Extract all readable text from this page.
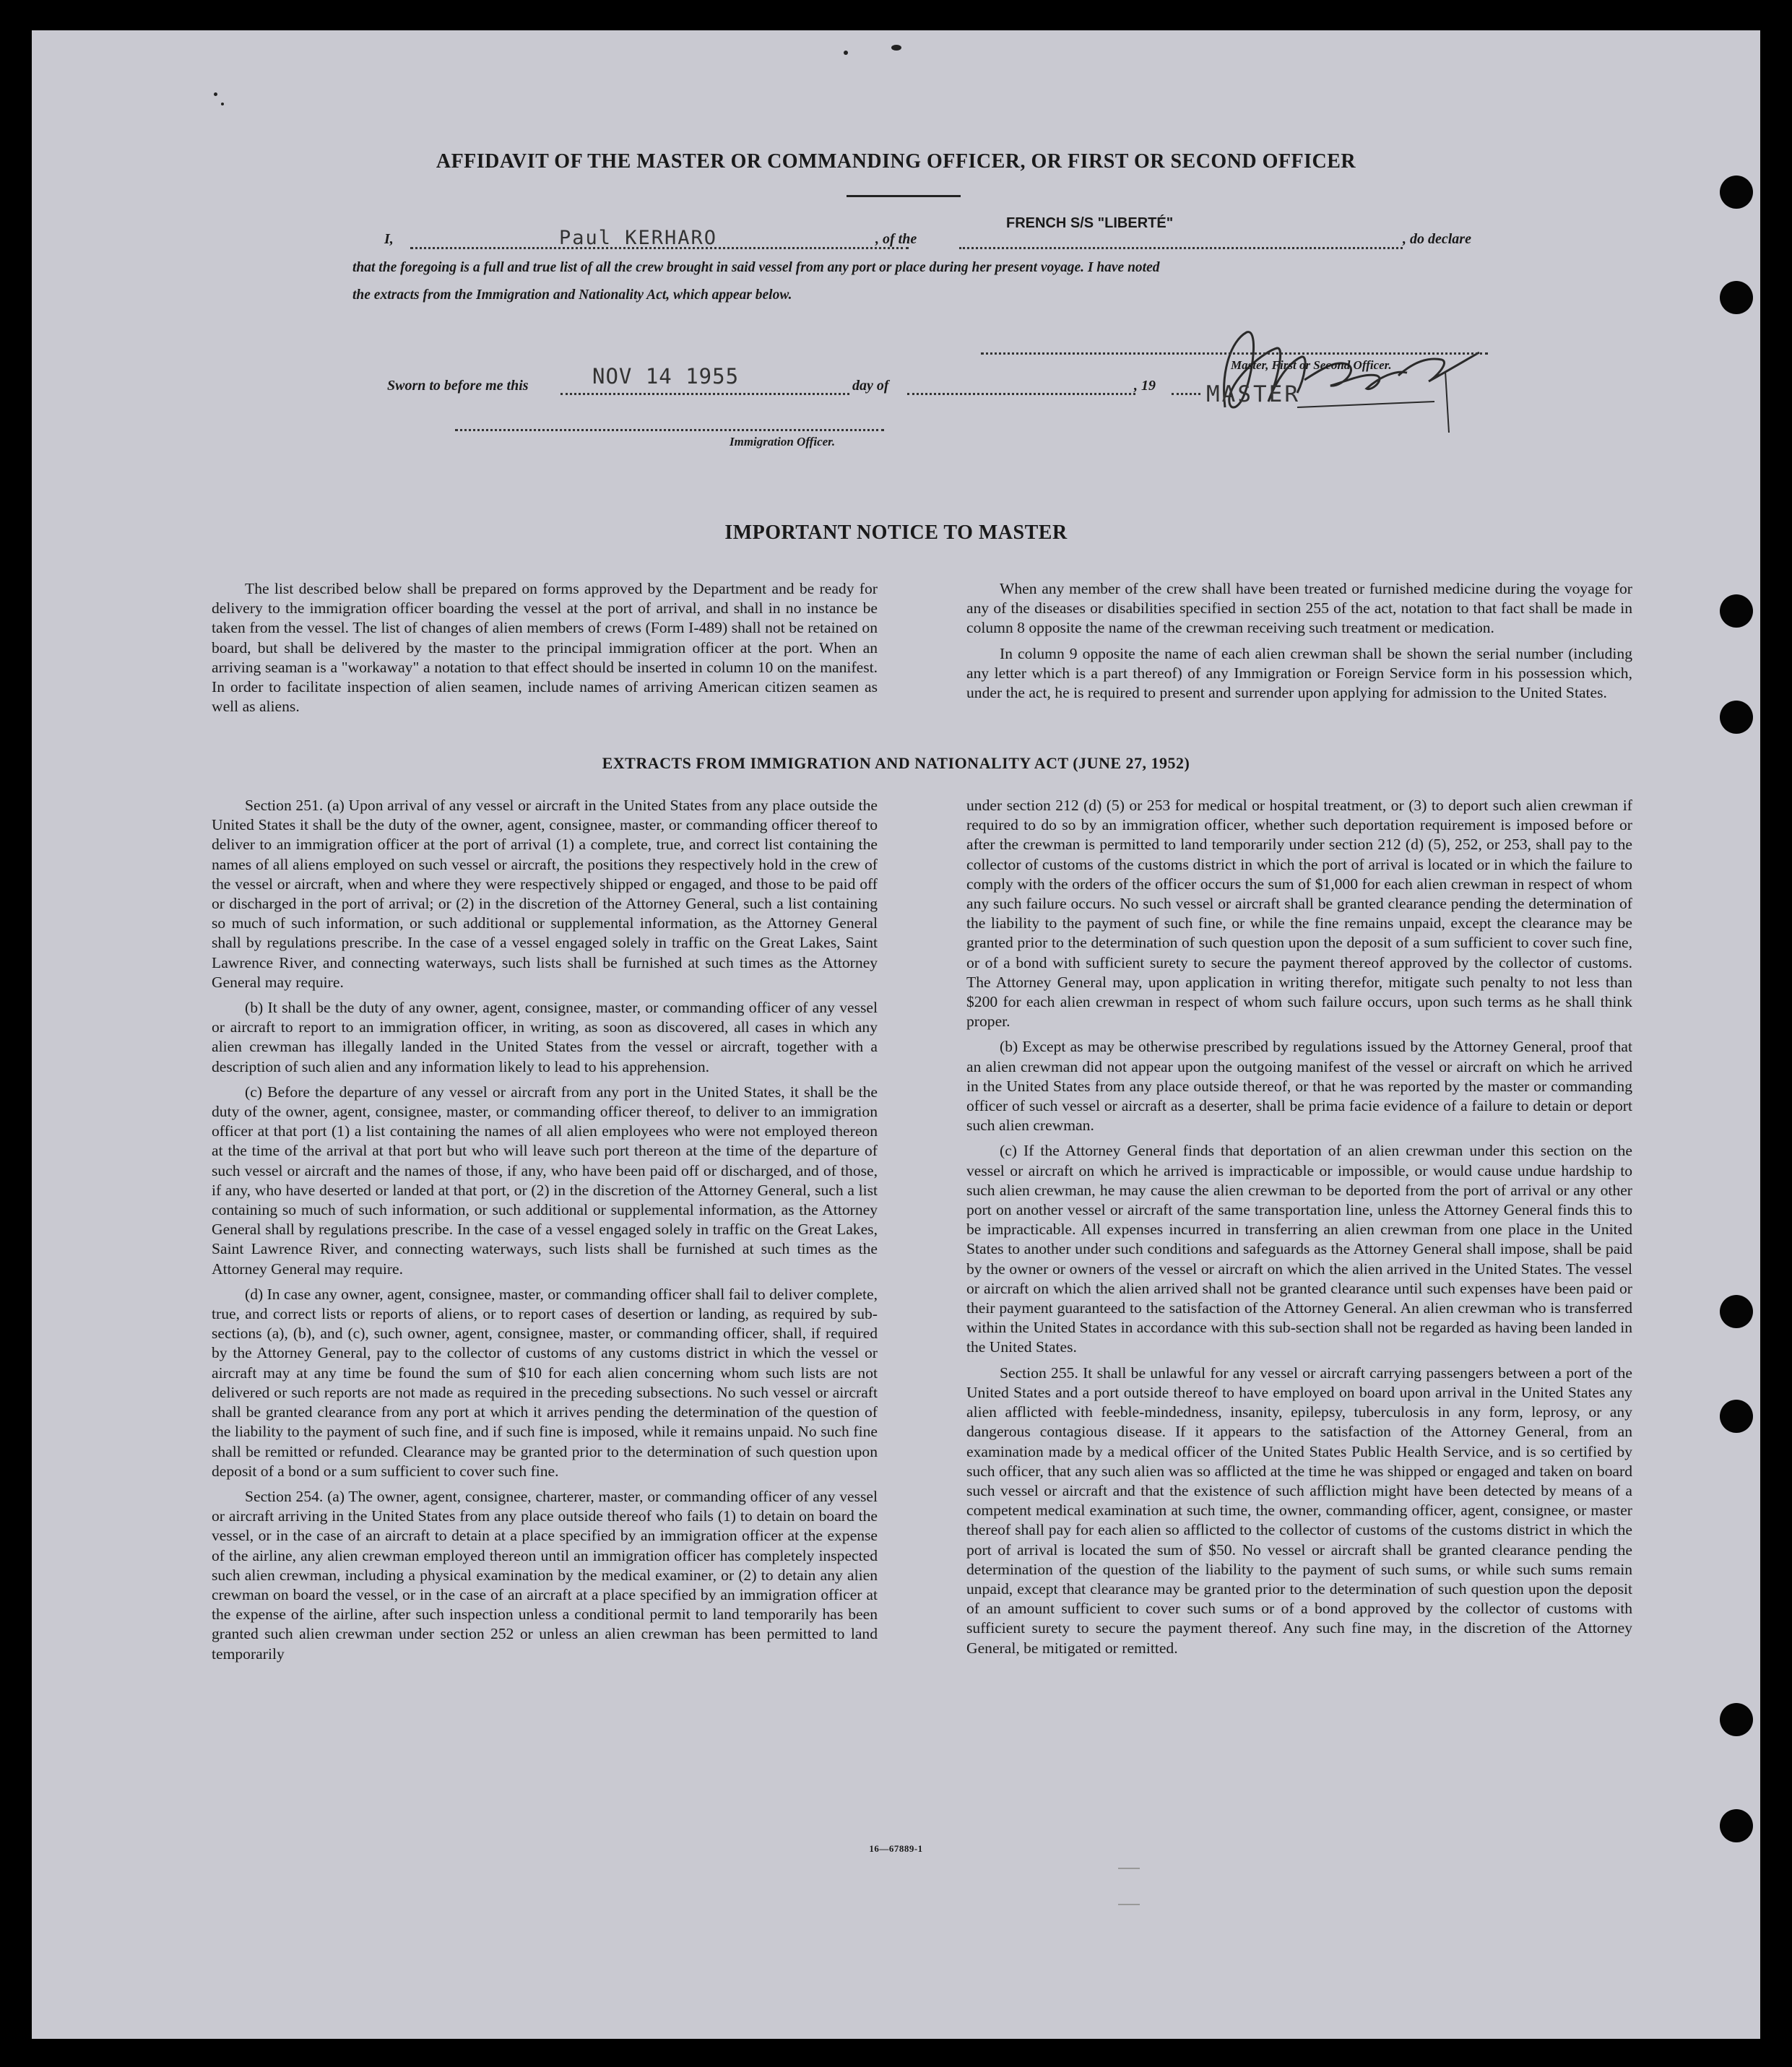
AFFIDAVIT OF THE MASTER OR COMMANDING OFFICER, OR FIRST OR SECOND OFFICER
I,	Paul KERHARO	, of the
FRENCH S/S "LIBERTÉ"
, do declare
that the foregoing is a full and true list of all the crew brought in said vessel from any port or place during her present voyage. I have noted
the extracts from the Immigration and Nationality Act, which appear below.
Master, First or Second Officer.
MASTER
Sworn to before me this	NOV 14 1955	day of	, 19
Immigration Officer.
IMPORTANT NOTICE TO MASTER

The list described below shall be prepared on forms approved by the Department and be ready for delivery to the immigration officer boarding the vessel at the port of arrival, and shall in no instance be taken from the vessel. The list of changes of alien members of crews (Form I-489) shall not be retained on board, but shall be delivered by the master to the principal immigration officer at the port. When an arriving seaman is a "workaway" a notation to that effect should be inserted in column 10 on the manifest. In order to facilitate inspection of alien seamen, include names of arriving American citizen seamen as well as aliens.

When any member of the crew shall have been treated or furnished medicine during the voyage for any of the diseases or disabilities specified in section 255 of the act, notation to that fact shall be made in column 8 opposite the name of the crewman receiving such treatment or medication.

In column 9 opposite the name of each alien crewman shall be shown the serial number (including any letter which is a part thereof) of any Immigration or Foreign Service form in his possession which, under the act, he is required to present and surrender upon applying for admission to the United States.

EXTRACTS FROM IMMIGRATION AND NATIONALITY ACT (JUNE 27, 1952)

Section 251. (a) Upon arrival of any vessel or aircraft in the United States from any place outside the United States it shall be the duty of the owner, agent, consignee, master, or commanding officer thereof to deliver to an immigration officer at the port of arrival (1) a complete, true, and correct list containing the names of all aliens employed on such vessel or aircraft, the positions they respectively hold in the crew of the vessel or aircraft, when and where they were respectively shipped or engaged, and those to be paid off or discharged in the port of arrival; or (2) in the discretion of the Attorney General, such a list containing so much of such information, or such additional or supplemental information, as the Attorney General shall by regulations prescribe. In the case of a vessel engaged solely in traffic on the Great Lakes, Saint Lawrence River, and connecting waterways, such lists shall be furnished at such times as the Attorney General may require.

(b) It shall be the duty of any owner, agent, consignee, master, or commanding officer of any vessel or aircraft to report to an immigration officer, in writing, as soon as discovered, all cases in which any alien crewman has illegally landed in the United States from the vessel or aircraft, together with a description of such alien and any information likely to lead to his apprehension.

(c) Before the departure of any vessel or aircraft from any port in the United States, it shall be the duty of the owner, agent, consignee, master, or commanding officer thereof, to deliver to an immigration officer at that port (1) a list containing the names of all alien employees who were not employed thereon at the time of the arrival at that port but who will leave such port thereon at the time of the departure of such vessel or aircraft and the names of those, if any, who have been paid off or discharged, and of those, if any, who have deserted or landed at that port, or (2) in the discretion of the Attorney General, such a list containing so much of such information, or such additional or supplemental information, as the Attorney General shall by regulations prescribe. In the case of a vessel engaged solely in traffic on the Great Lakes, Saint Lawrence River, and connecting waterways, such lists shall be furnished at such times as the Attorney General may require.

(d) In case any owner, agent, consignee, master, or commanding officer shall fail to deliver complete, true, and correct lists or reports of aliens, or to report cases of desertion or landing, as required by sub-sections (a), (b), and (c), such owner, agent, consignee, master, or commanding officer, shall, if required by the Attorney General, pay to the collector of customs of any customs district in which the vessel or aircraft may at any time be found the sum of $10 for each alien concerning whom such lists are not delivered or such reports are not made as required in the preceding subsections. No such vessel or aircraft shall be granted clearance from any port at which it arrives pending the determination of the question of the liability to the payment of such fine, and if such fine is imposed, while it remains unpaid. No such fine shall be remitted or refunded. Clearance may be granted prior to the determination of such question upon deposit of a bond or a sum sufficient to cover such fine.

Section 254. (a) The owner, agent, consignee, charterer, master, or commanding officer of any vessel or aircraft arriving in the United States from any place outside thereof who fails (1) to detain on board the vessel, or in the case of an aircraft to detain at a place specified by an immigration officer at the expense of the airline, any alien crewman employed thereon until an immigration officer has completely inspected such alien crewman, including a physical examination by the medical examiner, or (2) to detain any alien crewman on board the vessel, or in the case of an aircraft at a place specified by an immigration officer at the expense of the airline, after such inspection unless a conditional permit to land temporarily has been granted such alien crewman under section 252 or unless an alien crewman has been permitted to land temporarily

under section 212 (d) (5) or 253 for medical or hospital treatment, or (3) to deport such alien crewman if required to do so by an immigration officer, whether such deportation requirement is imposed before or after the crewman is permitted to land temporarily under section 212 (d) (5), 252, or 253, shall pay to the collector of customs of the customs district in which the port of arrival is located or in which the failure to comply with the orders of the officer occurs the sum of $1,000 for each alien crewman in respect of whom any such failure occurs. No such vessel or aircraft shall be granted clearance pending the determination of the liability to the payment of such fine, or while the fine remains unpaid, except the clearance may be granted prior to the determination of such question upon the deposit of a sum sufficient to cover such fine, or of a bond with sufficient surety to secure the payment thereof approved by the collector of customs. The Attorney General may, upon application in writing therefor, mitigate such penalty to not less than $200 for each alien crewman in respect of whom such failure occurs, upon such terms as he shall think proper.

(b) Except as may be otherwise prescribed by regulations issued by the Attorney General, proof that an alien crewman did not appear upon the outgoing manifest of the vessel or aircraft on which he arrived in the United States from any place outside thereof, or that he was reported by the master or commanding officer of such vessel or aircraft as a deserter, shall be prima facie evidence of a failure to detain or deport such alien crewman.

(c) If the Attorney General finds that deportation of an alien crewman under this section on the vessel or aircraft on which he arrived is impracticable or impossible, or would cause undue hardship to such alien crewman, he may cause the alien crewman to be deported from the port of arrival or any other port on another vessel or aircraft of the same transportation line, unless the Attorney General finds this to be impracticable. All expenses incurred in transferring an alien crewman from one place in the United States to another under such conditions and safeguards as the Attorney General shall impose, shall be paid by the owner or owners of the vessel or aircraft on which the alien arrived in the United States. The vessel or aircraft on which the alien arrived shall not be granted clearance until such expenses have been paid or their payment guaranteed to the satisfaction of the Attorney General. An alien crewman who is transferred within the United States in accordance with this sub-section shall not be regarded as having been landed in the United States.

Section 255. It shall be unlawful for any vessel or aircraft carrying passengers between a port of the United States and a port outside thereof to have employed on board upon arrival in the United States any alien afflicted with feeble-mindedness, insanity, epilepsy, tuberculosis in any form, leprosy, or any dangerous contagious disease. If it appears to the satisfaction of the Attorney General, from an examination made by a medical officer of the United States Public Health Service, and is so certified by such officer, that any such alien was so afflicted at the time he was shipped or engaged and taken on board such vessel or aircraft and that the existence of such affliction might have been detected by means of a competent medical examination at such time, the owner, commanding officer, agent, consignee, or master thereof shall pay for each alien so afflicted to the collector of customs of the customs district in which the port of arrival is located the sum of $50. No vessel or aircraft shall be granted clearance pending the determination of the question of the liability to the payment of such sums, or while such sums remain unpaid, except that clearance may be granted prior to the determination of such question upon the deposit of an amount sufficient to cover such sums or of a bond approved by the collector of customs with sufficient surety to secure the payment thereof. Any such fine may, in the discretion of the Attorney General, be mitigated or remitted.

16—67889-1
